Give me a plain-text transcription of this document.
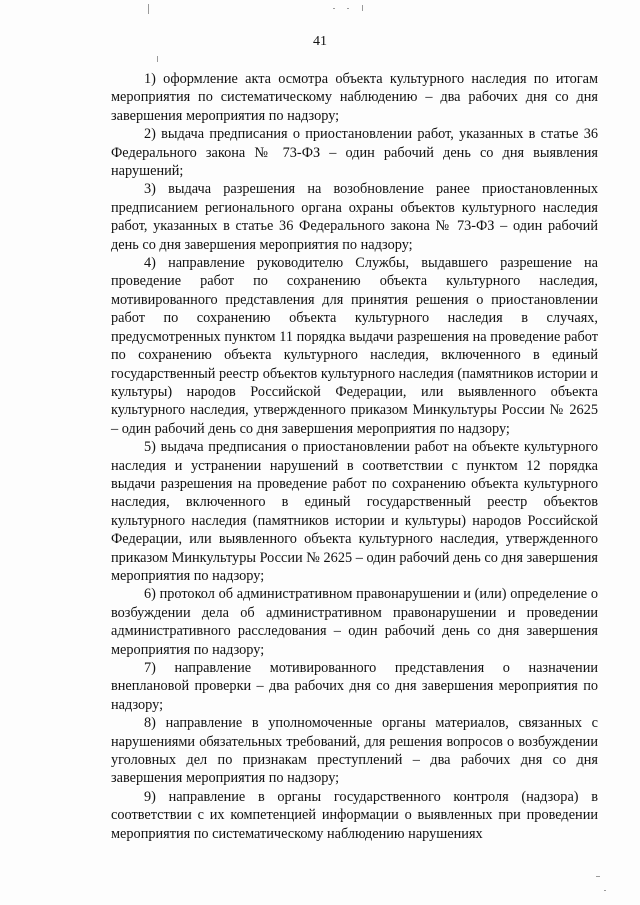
41

1) оформление акта осмотра объекта культурного наследия по итогам мероприятия по систематическому наблюдению – два рабочих дня со дня завершения мероприятия по надзору;

2) выдача предписания о приостановлении работ, указанных в статье 36 Федерального закона № 73-ФЗ – один рабочий день со дня выявления нарушений;

3) выдача разрешения на возобновление ранее приостановленных предписанием регионального органа охраны объектов культурного наследия работ, указанных в статье 36 Федерального закона № 73-ФЗ – один рабочий день со дня завершения мероприятия по надзору;

4) направление руководителю Службы, выдавшего разрешение на проведение работ по сохранению объекта культурного наследия, мотивированного представления для принятия решения о приостановлении работ по сохранению объекта культурного наследия в случаях, предусмотренных пунктом 11 порядка выдачи разрешения на проведение работ по сохранению объекта культурного наследия, включенного в единый государственный реестр объектов культурного наследия (памятников истории и культуры) народов Российской Федерации, или выявленного объекта культурного наследия, утвержденного приказом Минкультуры России № 2625 – один рабочий день со дня завершения мероприятия по надзору;

5) выдача предписания о приостановлении работ на объекте культурного наследия и устранении нарушений в соответствии с пунктом 12 порядка выдачи разрешения на проведение работ по сохранению объекта культурного наследия, включенного в единый государственный реестр объектов культурного наследия (памятников истории и культуры) народов Российской Федерации, или выявленного объекта культурного наследия, утвержденного приказом Минкультуры России № 2625 – один рабочий день со дня завершения мероприятия по надзору;

6) протокол об административном правонарушении и (или) определение о возбуждении дела об административном правонарушении и проведении административного расследования – один рабочий день со дня завершения мероприятия по надзору;

7) направление мотивированного представления о назначении внеплановой проверки – два рабочих дня со дня завершения мероприятия по надзору;

8) направление в уполномоченные органы материалов, связанных с нарушениями обязательных требований, для решения вопросов о возбуждении уголовных дел по признакам преступлений – два рабочих дня со дня завершения мероприятия по надзору;

9) направление в органы государственного контроля (надзора) в соответствии с их компетенцией информации о выявленных при проведении мероприятия по систематическому наблюдению нарушениях
